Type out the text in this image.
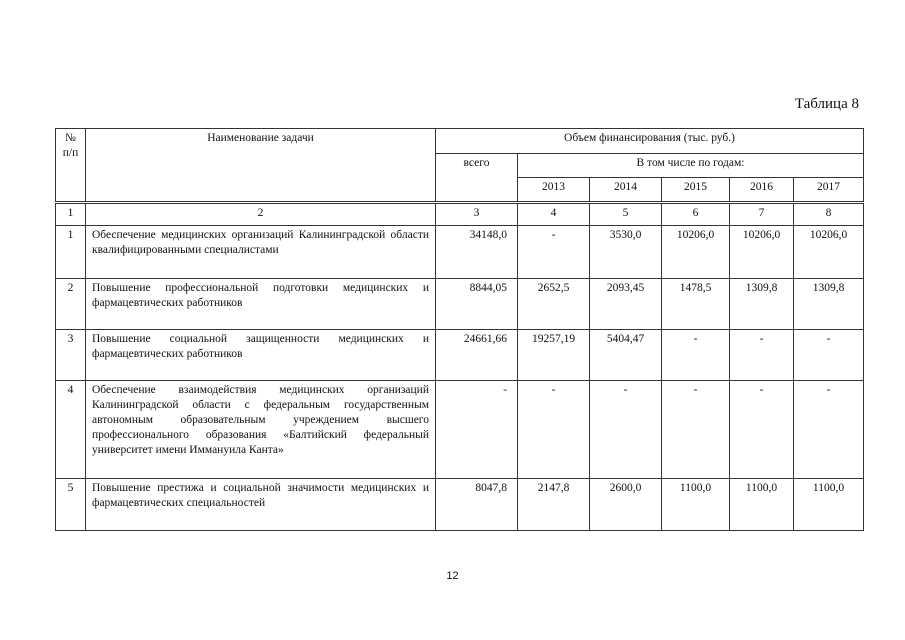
Таблица 8
№ п/п	Наименование задачи	Объем финансирования (тыс. руб.)					
		всего	В том числе по годам:				
			2013	2014	2015	2016	2017
1	2	3	4	5	6	7	8
1	Обеспечение медицинских организаций Калининградской области квалифицированными специалистами	34148,0	-	3530,0	10206,0	10206,0	10206,0
2	Повышение профессиональной подготовки медицинских и фармацевтических работников	8844,05	2652,5	2093,45	1478,5	1309,8	1309,8
3	Повышение социальной защищенности медицинских и фармацевтических работников	24661,66	19257,19	5404,47	-	-	-
4	Обеспечение взаимодействия медицинских организаций Калининградской области с федеральным государственным автономным образовательным учреждением высшего профессионального образования «Балтийский федеральный университет имени Иммануила Канта»	-	-	-	-	-	-
5	Повышение престижа и социальной значимости медицинских и фармацевтических специальностей	8047,8	2147,8	2600,0	1100,0	1100,0	1100,0
12
